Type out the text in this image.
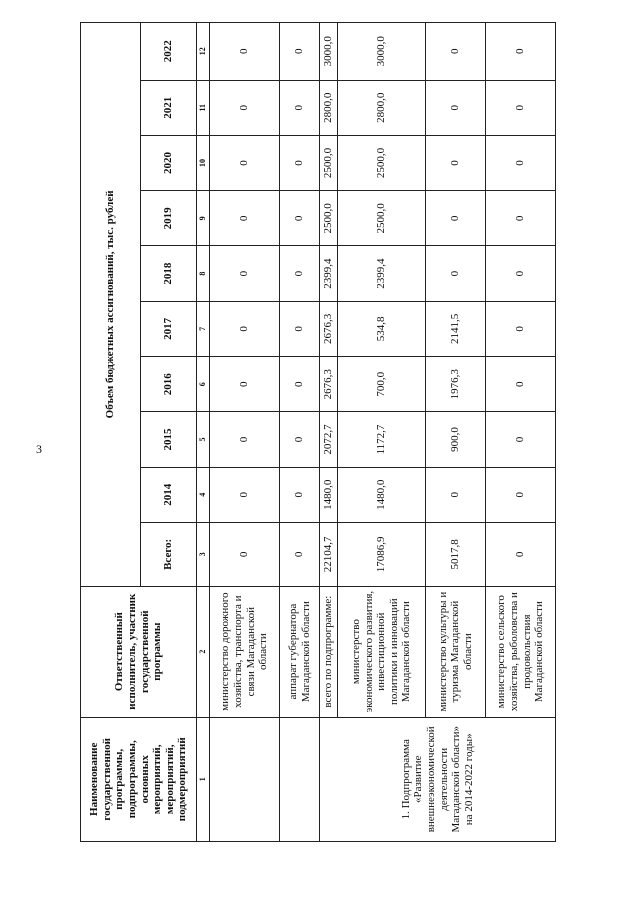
3
Наименование государственной программы, подпрограммы, основных мероприятий, мероприятий, подмероприятий	Ответственный исполнитель, участник государственной программы	Объем бюджетных ассигнований, тыс. рублей									
		Всего:	2014	2015	2016	2017	2018	2019	2020	2021	2022
1	2	3	4	5	6	7	8	9	10	11	12
	министерство дорожного хозяйства, транспорта и связи Магаданской области	0	0	0	0	0	0	0	0	0	0
	аппарат губернатора Магаданской области	0	0	0	0	0	0	0	0	0	0
1. Подпрограмма «Развитие внешнеэкономической деятельности Магаданской области» на 2014-2022 годы»	всего по подпрограмме:	22104,7	1480,0	2072,7	2676,3	2676,3	2399,4	2500,0	2500,0	2800,0	3000,0
	министерство экономического развития, инвестиционной политики и инноваций Магаданской области	17086,9	1480,0	1172,7	700,0	534,8	2399,4	2500,0	2500,0	2800,0	3000,0
	министерство культуры и туризма Магаданской области	5017,8	0	900,0	1976,3	2141,5	0	0	0	0	0
	министерство сельского хозяйства, рыболовства и продовольствия Магаданской области	0	0	0	0	0	0	0	0	0	0
